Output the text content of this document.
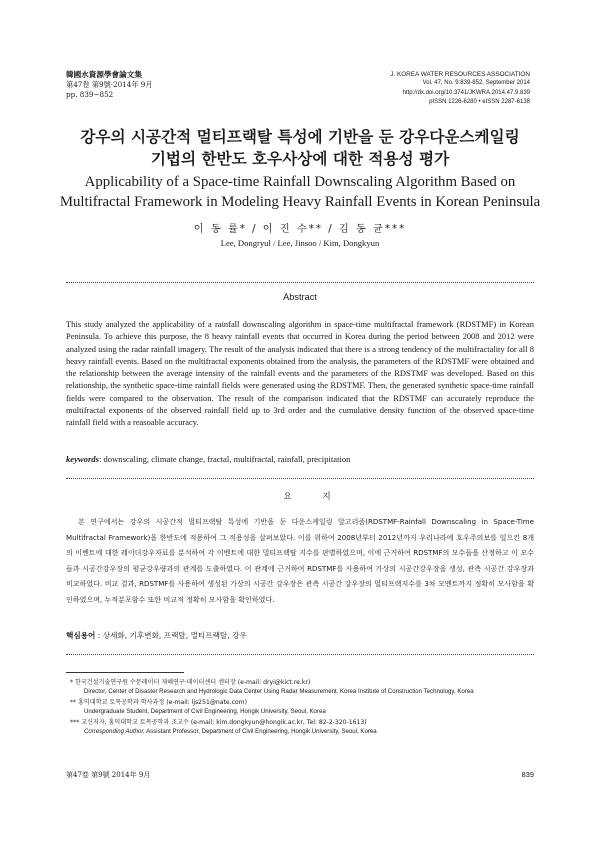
韓國水資源學會論文集
第47卷 第9號·2014年 9月
pp. 839~852
J. KOREA WATER RESOURCES ASSOCIATION
Vol. 47, No. 9:839-852, September 2014
http://dx.doi.org/10.3741/JKWRA.2014.47.9.839
pISSN 1226-6280 • eISSN 2287-6138
강우의 시공간적 멀티프랙탈 특성에 기반을 둔 강우다운스케일링
기법의 한반도 호우사상에 대한 적용성 평가
Applicability of a Space-time Rainfall Downscaling Algorithm Based on
Multifractal Framework in Modeling Heavy Rainfall Events in Korean Peninsula
이 동 률* / 이 진 수** / 김 동 균***
Lee, Dongryul / Lee, Jinsoo / Kim, Dongkyun
Abstract

This study analyzed the applicability of a rainfall downscaling algorithm in space-time multifractal framework (RDSTMF) in Korean Peninsula. To achieve this purpose, the 8 heavy rainfall events that occurred in Korea during the period between 2008 and 2012 were analyzed using the radar rainfall imagery. The result of the analysis indicated that there is a strong tendency of the multifractality for all 8 heavy rainfall events. Based on the multifractal exponents obtained from the analysis, the parameters of the RDSTMF were obtained and the relationship between the average intensity of the rainfall events and the parameters of the RDSTMF was developed. Based on this relationship, the synthetic space-time rainfall fields were generated using the RDSTMF. Then, the generated synthetic space-time rainfall fields were compared to the observation. The result of the comparison indicated that the RDSTMF can accurately reproduce the multifractal exponents of the observed rainfall field up to 3rd order and the cumulative density function of the observed space-time rainfall field with a reasoable accuracy.

keywords: downscaling, climate change, fractal, multifractal, rainfall, precipitation
요 지

본 연구에서는 강우의 시공간적 멀티프랙탈 특성에 기반을 둔 다운스케일링 알고리즘(RDSTMF-Rainfall Downscaling in Space-Time Multifractal Framework)을 한반도에 적용하여 그 적용성을 살펴보았다. 이를 위하여 2008년부터 2012년까지 우리나라에 호우주의보를 일으킨 8개의 이벤트에 대한 레이더강우자료를 분석하여 각 이벤트에 대한 멀티프랙탈 지수를 판별하였으며, 이에 근거하여 RDSTMF의 모수들을 산정하고 이 모수들과 시공간강우장의 평균강우량과의 관계를 도출하였다. 이 관계에 근거하여 RDSTMF를 사용하여 가상의 시공간강우장을 생성, 관측 시공간 강우장과 비교하였다. 비교 결과, RDSTMF를 사용하여 생성된 가상의 시공간 강우장은 관측 시공간 강우장의 멀티프랙지수를 3차 모멘트까지 정확히 모사함을 확인하였으며, 누적분포함수 또한 비교적 정확히 모사함을 확인하였다.

핵심용어 : 상세화, 기후변화, 프랙탈, 멀티프랙탈, 강우
* 한국건설기술연구원 수문레이더 재해연구·데이터센터 센터장 (e-mail: dryi@kict.re.kr)
Director, Center of Disaster Research and Hydrologic Data Center Using Radar Measurement, Korea Institute of Construction Technology, Korea
** 홍익대학교 토목공학과 학사과정 (e-mail: ljs251@nate.com)
Undergraduate Student, Department of Civil Engineering, Hongik University, Seoul, Korea
*** 교신저자, 홍익대학교 토목공학과 조교수 (e-mail: kim.dongkyun@hongik.ac.kr, Tel: 82-2-320-1613)
Corresponding Author, Assistant Professor, Department of Civil Engineering, Hongik University, Seoul, Korea
第47卷 第9號 2014年 9月	839
